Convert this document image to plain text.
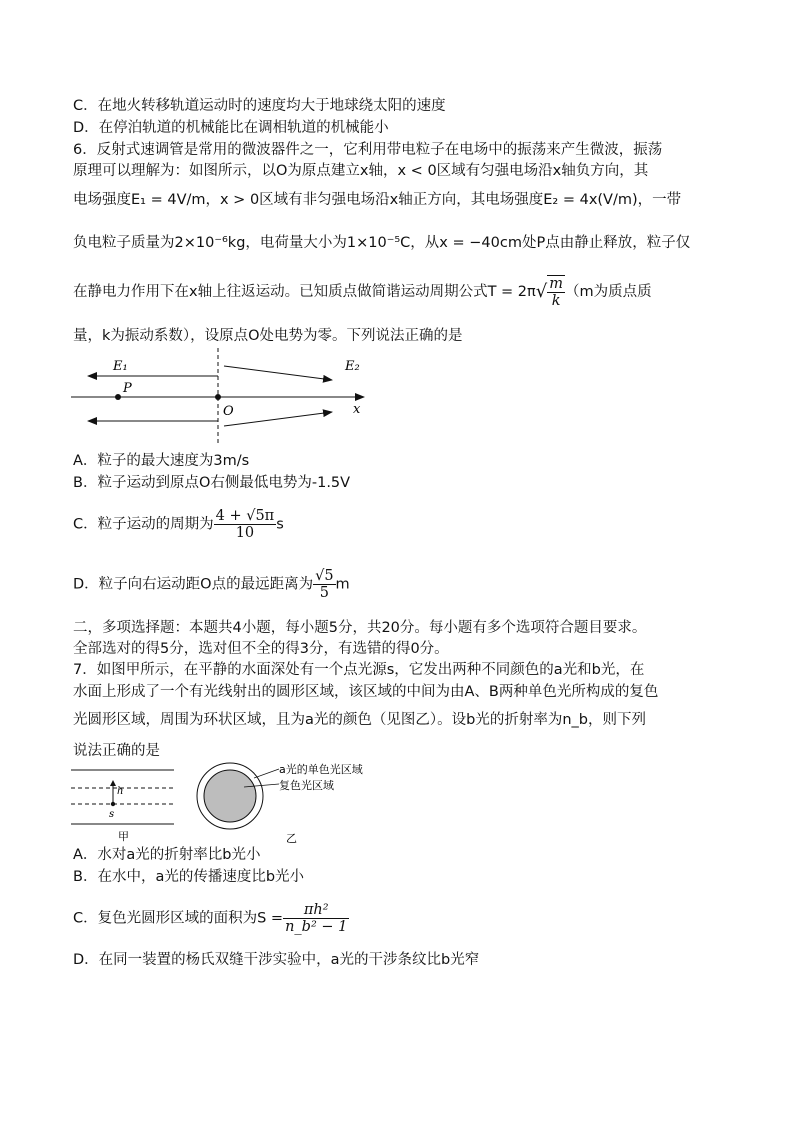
C．在地火转移轨道运动时的速度均大于地球绕太阳的速度
D．在停泊轨道的机械能比在调相轨道的机械能小
6．反射式速调管是常用的微波器件之一，它利用带电粒子在电场中的振荡来产生微波，振荡
原理可以理解为：如图所示，以O为原点建立x轴，x < 0区域有匀强电场沿x轴负方向，其
电场强度E₁ = 4V/m，x > 0区域有非匀强电场沿x轴正方向，其电场强度E₂ = 4x(V/m)，一带
负电粒子质量为2×10⁻⁶kg，电荷量大小为1×10⁻⁵C，从x = −40cm处P点由静止释放，粒子仅
在静电力作用下在x轴上往返运动。已知质点做简谐运动周期公式$T = 2\pi√ \frac{m}{k} (m$为质点质
量，k为振动系数），设原点O处电势为零。下列说法正确的是
E₁	E₂
P
O	x
A．粒子的最大速度为3m/s
B．粒子运动到原点O右侧最低电势为-1.5V
C．粒子运动的周期为 $\frac{4 + √5\pi}{10}$ s
D．粒子向右运动距O点的最远距离为 $\frac{√5}{5}$ m
二，多项选择题：本题共4小题，每小题5分，共20分。每小题有多个选项符合题目要求。
全部选对的得5分，选对但不全的得3分，有选错的得0分。
7．如图甲所示，在平静的水面深处有一个点光源s，它发出两种不同颜色的a光和b光，在
水面上形成了一个有光线射出的圆形区域，该区域的中间为由A、B两种单色光所构成的复色
光圆形区域，周围为环状区域，且为a光的颜色（见图乙）。设b光的折射率为n_b，则下列
说法正确的是
h
s
甲
a光的单色光区域
复色光区域
乙
A．水对a光的折射率比b光小
B．在水中，a光的传播速度比b光小
C．复色光圆形区域的面积为$S = \frac{\text{πh²}}{\text{n\_b² − 1}}$
D．在同一装置的杨氏双缝干涉实验中，a光的干涉条纹比b光窄
